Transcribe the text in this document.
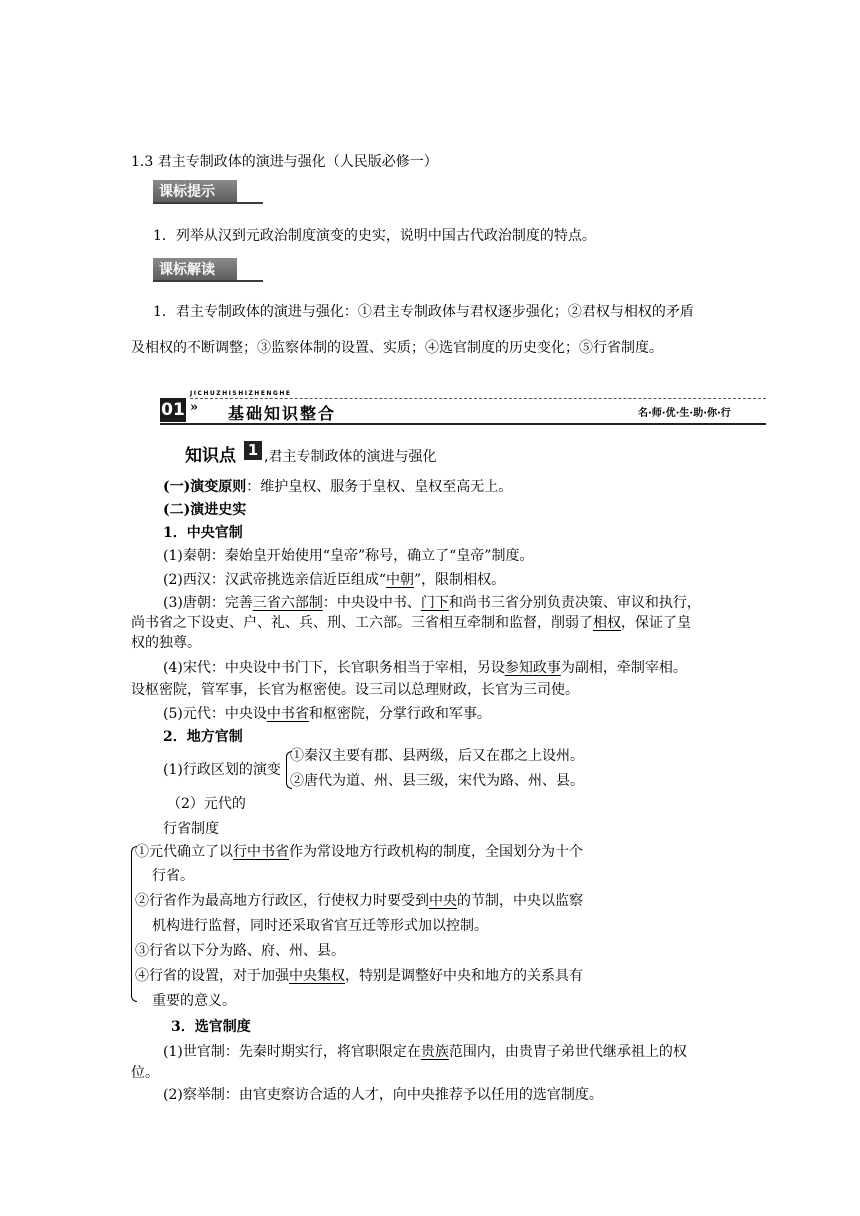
1.3 君主专制政体的演进与强化（人民版必修一）
课标提示
1．列举从汉到元政治制度演变的史实，说明中国古代政治制度的特点。
课标解读
1．君主专制政体的演进与强化：①君主专制政体与君权逐步强化；②君权与相权的矛盾
及相权的不断调整；③监察体制的设置、实质；④选官制度的历史变化；⑤行省制度。
JICHUZHISHIZHENGHE
01 » 基础知识整合	名·师·优·生·助·你·行
知识点 1 ,君主专制政体的演进与强化
(一)演变原则：维护皇权、服务于皇权、皇权至高无上。
(二)演进史实
1．中央官制
(1)秦朝：秦始皇开始使用“皇帝”称号，确立了“皇帝”制度。
(2)西汉：汉武帝挑选亲信近臣组成“中朝”，限制相权。
(3)唐朝：完善三省六部制：中央设中书、门下和尚书三省分别负责决策、审议和执行，
尚书省之下设吏、户、礼、兵、刑、工六部。三省相互牵制和监督，削弱了相权，保证了皇
权的独尊。
(4)宋代：中央设中书门下，长官职务相当于宰相，另设参知政事为副相，牵制宰相。
设枢密院，管军事，长官为枢密使。设三司以总理财政，长官为三司使。
(5)元代：中央设中书省和枢密院，分掌行政和军事。
2．地方官制
(1)行政区划的演变
①秦汉主要有郡、县两级，后又在郡之上设州。
②唐代为道、州、县三级，宋代为路、州、县。
（2）元代的
行省制度
①元代确立了以行中书省作为常设地方行政机构的制度，全国划分为十个
行省。
②行省作为最高地方行政区，行使权力时要受到中央的节制，中央以监察
机构进行监督，同时还采取省官互迁等形式加以控制。
③行省以下分为路、府、州、县。
④行省的设置，对于加强中央集权，特别是调整好中央和地方的关系具有
重要的意义。
3．选官制度
(1)世官制：先秦时期实行，将官职限定在贵族范围内，由贵胄子弟世代继承祖上的权
位。
(2)察举制：由官吏察访合适的人才，向中央推荐予以任用的选官制度。
